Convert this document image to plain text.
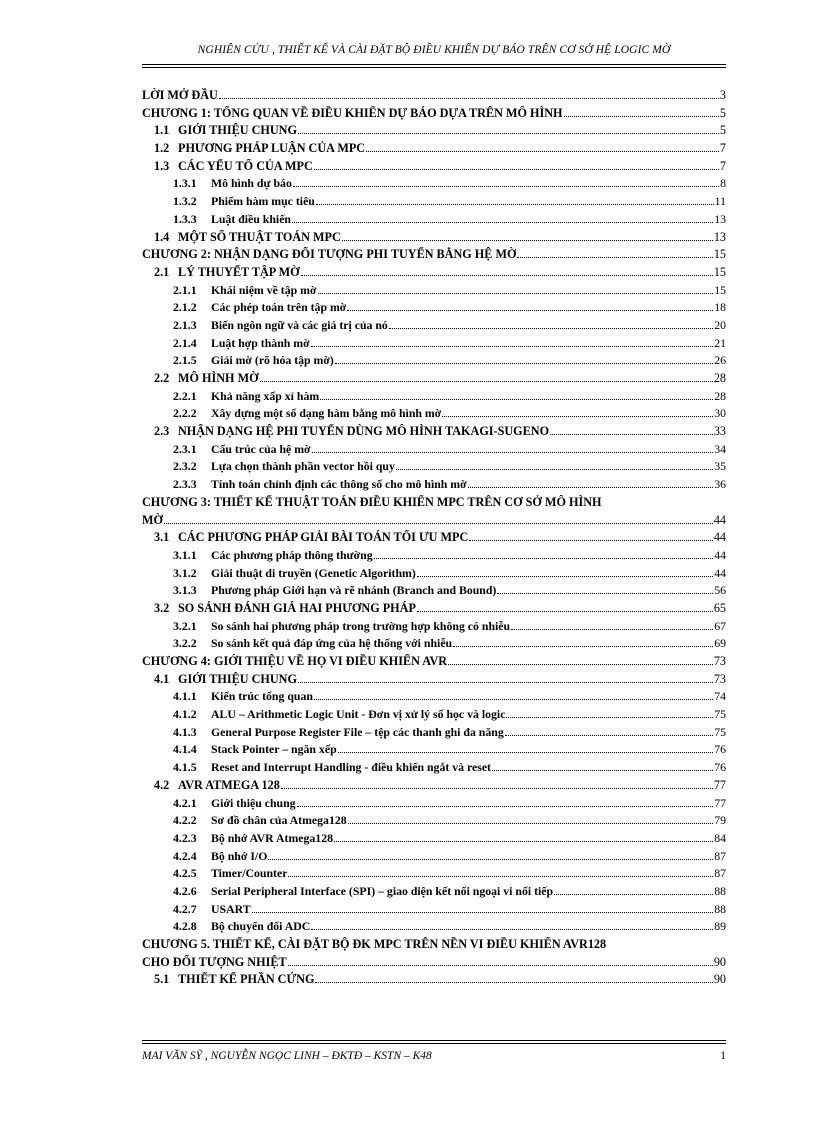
NGHIÊN CỨU , THIẾT KẾ VÀ CÀI ĐẶT BỘ ĐIỀU KHIỂN DỰ BÁO TRÊN CƠ SỞ HỆ LOGIC MỜ
LỜI MỞ ĐẦU	3
CHƯƠNG 1: TỔNG QUAN VỀ ĐIỀU KHIỂN DỰ BÁO DỰA TRÊN MÔ HÌNH	5
1.1 GIỚI THIỆU CHUNG	5
1.2 PHƯƠNG PHÁP LUẬN CỦA MPC	7
1.3 CÁC YẾU TỐ CỦA MPC	7
1.3.1	Mô hình dự báo	8
1.3.2	Phiếm hàm mục tiêu	11
1.3.3	Luật điều khiển	13
1.4 MỘT SỐ THUẬT TOÁN MPC	13
CHƯƠNG 2: NHẬN DẠNG ĐỐI TƯỢNG PHI TUYẾN BẰNG HỆ MỜ	15
2.1 LÝ THUYẾT TẬP MỜ	15
2.1.1	Khái niệm về tập mờ	15
2.1.2	Các phép toán trên tập mờ	18
2.1.3	Biến ngôn ngữ và các giá trị của nó	20
2.1.4	Luật hợp thành mờ	21
2.1.5	Giải mờ (rõ hóa tập mờ)	26
2.2 MÔ HÌNH MỜ	28
2.2.1	Khả năng xấp xỉ hàm	28
2.2.2	Xây dựng một số dạng hàm bằng mô hình mờ	30
2.3 NHẬN DẠNG HỆ PHI TUYẾN DÙNG MÔ HÌNH TAKAGI-SUGENO	33
2.3.1	Cấu trúc của hệ mờ	34
2.3.2	Lựa chọn thành phần vector hồi quy	35
2.3.3	Tính toán chỉnh định các thông số cho mô hình mờ	36
CHƯƠNG 3: THIẾT KẾ THUẬT TOÁN ĐIỀU KHIỂN MPC TRÊN CƠ SỞ MÔ HÌNH
MỜ	44
3.1 CÁC PHƯƠNG PHÁP GIẢI BÀI TOÁN TỐI ƯU MPC	44
3.1.1	Các phương pháp thông thường	44
3.1.2	Giải thuật di truyền (Genetic Algorithm)	44
3.1.3	Phương pháp Giới hạn và rẽ nhánh (Branch and Bound)	56
3.2 SO SÁNH ĐÁNH GIÁ HAI PHƯƠNG PHÁP	65
3.2.1	So sánh hai phương pháp trong trường hợp không có nhiễu	67
3.2.2	So sánh kết quả đáp ứng của hệ thống với nhiễu	69
CHƯƠNG 4: GIỚI THIỆU VỀ HỌ VI ĐIỀU KHIỂN AVR	73
4.1 GIỚI THIỆU CHUNG	73
4.1.1	Kiến trúc tổng quan	74
4.1.2	ALU – Arithmetic Logic Unit - Đơn vị xử lý số học và logic	75
4.1.3	General Purpose Register File – tệp các thanh ghi đa năng	75
4.1.4	Stack Pointer – ngăn xếp	76
4.1.5	Reset and Interrupt Handling - điều khiển ngắt và reset	76
4.2 AVR ATMEGA 128	77
4.2.1	Giới thiệu chung	77
4.2.2	Sơ đồ chân của Atmega128	79
4.2.3	Bộ nhớ AVR Atmega128	84
4.2.4	Bộ nhớ I/O	87
4.2.5	Timer/Counter	87
4.2.6	Serial Peripheral Interface (SPI) – giao diện kết nối ngoại vi nối tiếp	88
4.2.7	USART	88
4.2.8	Bộ chuyển đổi ADC	89
CHƯƠNG 5. THIẾT KẾ, CÀI ĐẶT BỘ ĐK MPC TRÊN NỀN VI ĐIỀU KHIỂN AVR128
CHO ĐỐI TƯỢNG NHIỆT	90
5.1 THIẾT KẾ PHẦN CỨNG	90
MAI VĂN SỸ , NGUYỄN NGỌC LINH – ĐKTĐ – KSTN – K48	1
